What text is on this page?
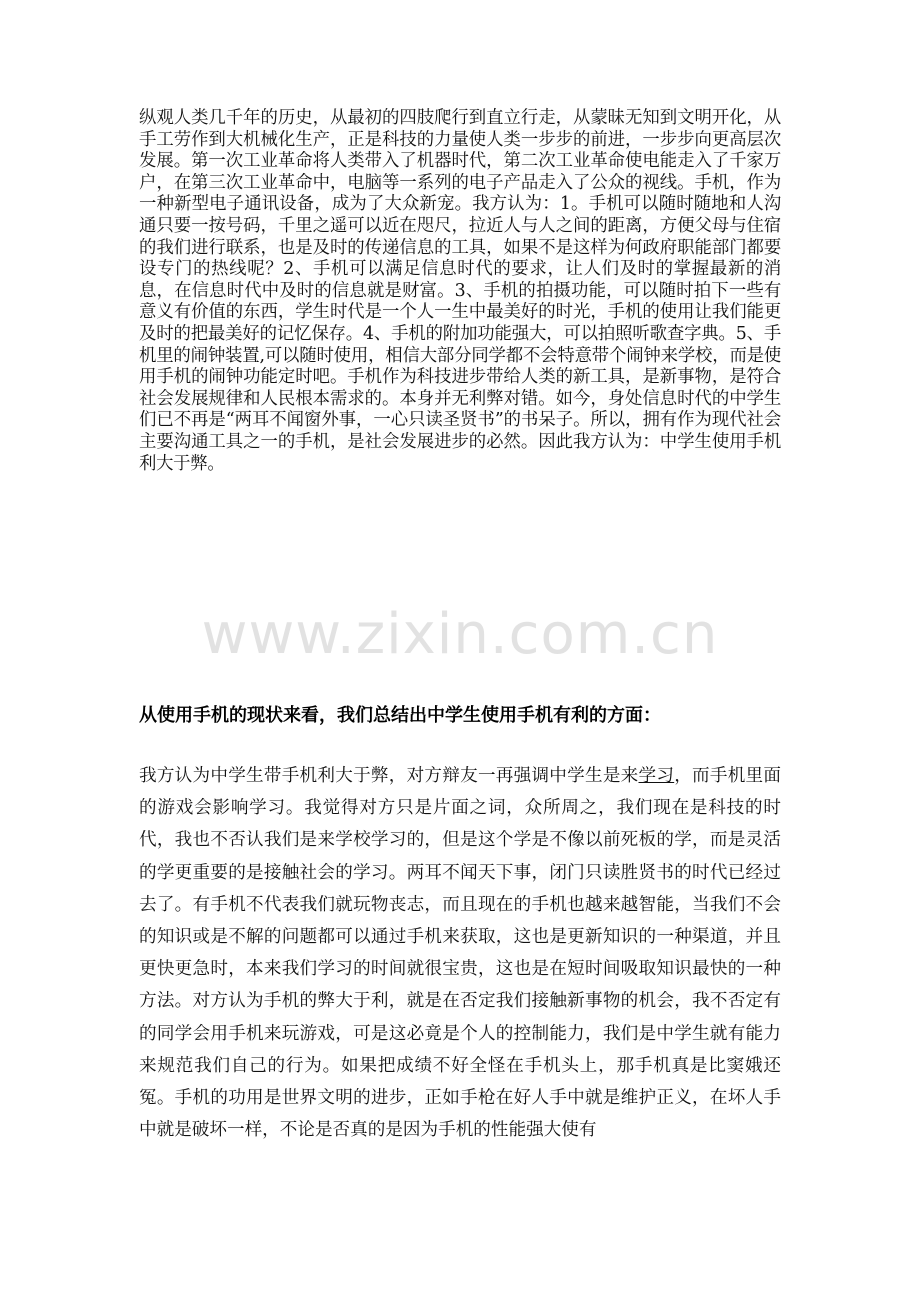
纵观人类几千年的历史，从最初的四肢爬行到直立行走，从蒙昧无知到文明开化，从手工劳作到大机械化生产，正是科技的力量使人类一步步的前进，一步步向更高层次发展。第一次工业革命将人类带入了机器时代，第二次工业革命使电能走入了千家万户，在第三次工业革命中，电脑等一系列的电子产品走入了公众的视线。手机，作为一种新型电子通讯设备，成为了大众新宠。我方认为：1。手机可以随时随地和人沟通只要一按号码，千里之遥可以近在咫尺，拉近人与人之间的距离，方便父母与住宿的我们进行联系，也是及时的传递信息的工具，如果不是这样为何政府职能部门都要设专门的热线呢？2、手机可以满足信息时代的要求，让人们及时的掌握最新的消息，在信息时代中及时的信息就是财富。3、手机的拍摄功能，可以随时拍下一些有意义有价值的东西，学生时代是一个人一生中最美好的时光，手机的使用让我们能更及时的把最美好的记忆保存。4、手机的附加功能强大，可以拍照听歌查字典。5、手机里的闹钟装置,可以随时使用，相信大部分同学都不会特意带个闹钟来学校，而是使用手机的闹钟功能定时吧。手机作为科技进步带给人类的新工具，是新事物，是符合社会发展规律和人民根本需求的。本身并无利弊对错。如今，身处信息时代的中学生们已不再是“两耳不闻窗外事，一心只读圣贤书”的书呆子。所以，拥有作为现代社会主要沟通工具之一的手机，是社会发展进步的必然。因此我方认为：中学生使用手机利大于弊。

www.zixin.com.cn
从使用手机的现状来看，我们总结出中学生使用手机有利的方面：

我方认为中学生带手机利大于弊，对方辩友一再强调中学生是来学习，而手机里面的游戏会影响学习。我觉得对方只是片面之词，众所周之，我们现在是科技的时代，我也不否认我们是来学校学习的，但是这个学是不像以前死板的学，而是灵活的学更重要的是接触社会的学习。两耳不闻天下事，闭门只读胜贤书的时代已经过去了。有手机不代表我们就玩物丧志，而且现在的手机也越来越智能，当我们不会的知识或是不解的问题都可以通过手机来获取，这也是更新知识的一种渠道，并且更快更急时，本来我们学习的时间就很宝贵，这也是在短时间吸取知识最快的一种方法。对方认为手机的弊大于利，就是在否定我们接触新事物的机会，我不否定有的同学会用手机来玩游戏，可是这必竟是个人的控制能力，我们是中学生就有能力来规范我们自己的行为。如果把成绩不好全怪在手机头上，那手机真是比窦娥还冤。手机的功用是世界文明的进步，正如手枪在好人手中就是维护正义，在坏人手中就是破坏一样，不论是否真的是因为手机的性能强大使有
